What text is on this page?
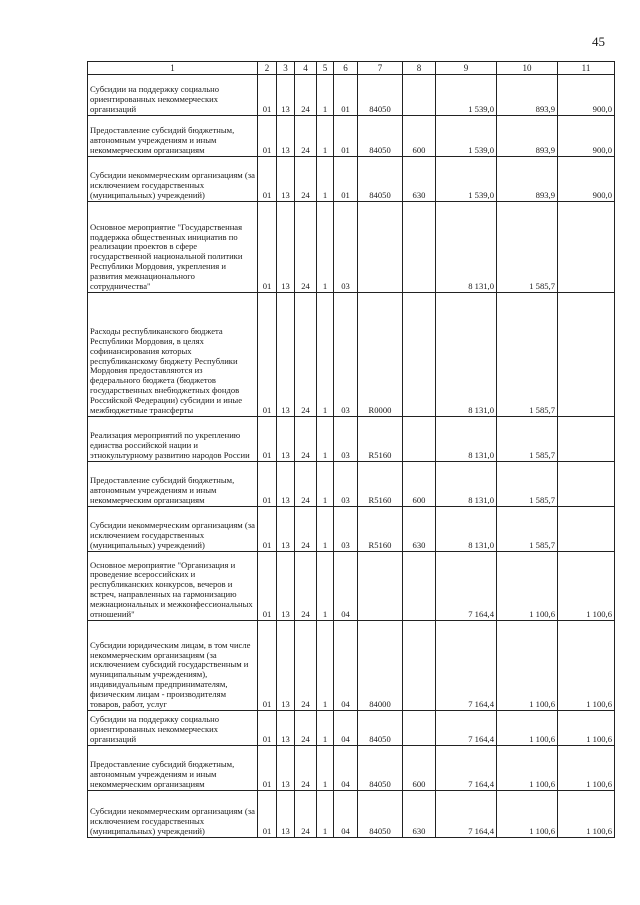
45
1	2	3	4	5	6	7	8	9	10	11
Субсидии на поддержку социально ориентированных некоммерческих организаций	01	13	24	1	01	84050		1 539,0	893,9	900,0
Предоставление субсидий бюджетным, автономным учреждениям и иным некоммерческим организациям	01	13	24	1	01	84050	600	1 539,0	893,9	900,0
Субсидии некоммерческим организациям (за исключением государственных (муниципальных) учреждений)	01	13	24	1	01	84050	630	1 539,0	893,9	900,0
Основное мероприятие "Государственная поддержка общественных инициатив по реализации проектов в сфере государственной национальной политики Республики Мордовия, укрепления и развития межнационального сотрудничества"	01	13	24	1	03			8 131,0	1 585,7	
Расходы республиканского бюджета Республики Мордовия, в целях софинансирования которых республиканскому бюджету Республики Мордовия предоставляются из федерального бюджета (бюджетов государственных внебюджетных фондов Российской Федерации) субсидии и иные межбюджетные трансферты	01	13	24	1	03	R0000		8 131,0	1 585,7	
Реализация мероприятий по укреплению единства российской нации и этнокультурному развитию народов России	01	13	24	1	03	R5160		8 131,0	1 585,7	
Предоставление субсидий бюджетным, автономным учреждениям и иным некоммерческим организациям	01	13	24	1	03	R5160	600	8 131,0	1 585,7	
Субсидии некоммерческим организациям (за исключением государственных (муниципальных) учреждений)	01	13	24	1	03	R5160	630	8 131,0	1 585,7	
Основное мероприятие "Организация и проведение всероссийских и республиканских конкурсов, вечеров и встреч, направленных на гармонизацию межнациональных и межконфессиональных отношений"	01	13	24	1	04			7 164,4	1 100,6	1 100,6
Субсидии юридическим лицам, в том числе некоммерческим организациям (за исключением субсидий государственным и муниципальным учреждениям), индивидуальным предпринимателям, физическим лицам - производителям товаров, работ, услуг	01	13	24	1	04	84000		7 164,4	1 100,6	1 100,6
Субсидии на поддержку социально ориентированных некоммерческих организаций	01	13	24	1	04	84050		7 164,4	1 100,6	1 100,6
Предоставление субсидий бюджетным, автономным учреждениям и иным некоммерческим организациям	01	13	24	1	04	84050	600	7 164,4	1 100,6	1 100,6
Субсидии некоммерческим организациям (за исключением государственных (муниципальных) учреждений)	01	13	24	1	04	84050	630	7 164,4	1 100,6	1 100,6
